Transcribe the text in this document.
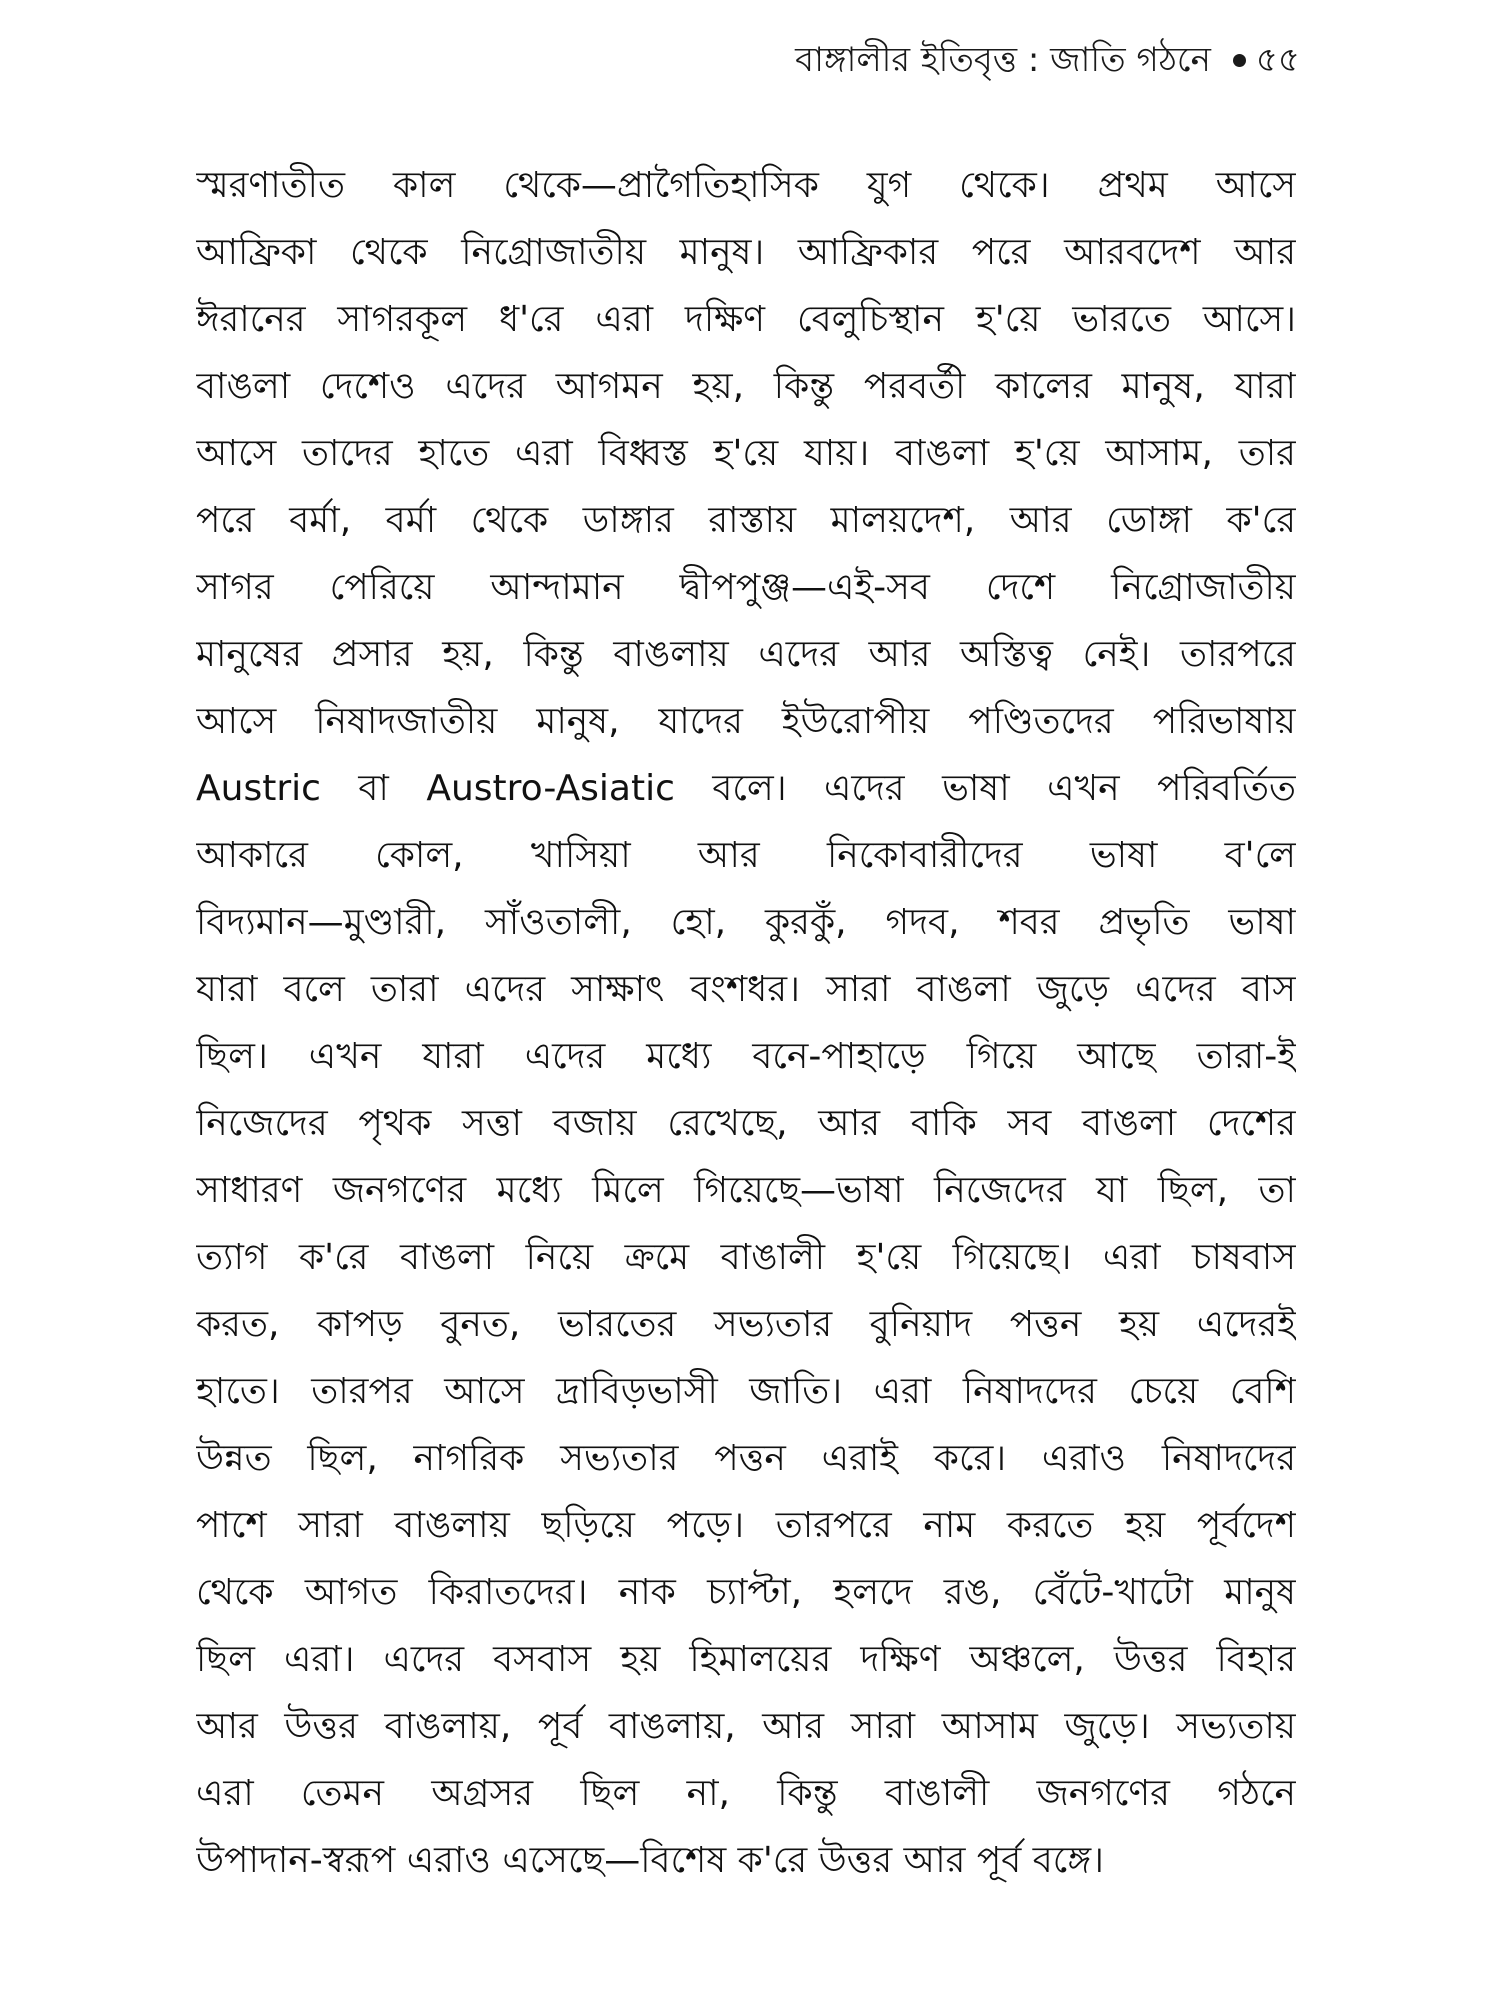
বাঙ্গালীর ইতিবৃত্ত : জাতি গঠনে ৫৫
স্মরণাতীত কাল থেকে—প্রাগৈতিহাসিক যুগ থেকে। প্রথম আসে
আফ্রিকা থেকে নিগ্রোজাতীয় মানুষ। আফ্রিকার পরে আরবদেশ আর
ঈরানের সাগরকূল ধ'রে এরা দক্ষিণ বেলুচিস্থান হ'য়ে ভারতে আসে।
বাঙলা দেশেও এদের আগমন হয়, কিন্তু পরবর্তী কালের মানুষ, যারা
আসে তাদের হাতে এরা বিধ্বস্ত হ'য়ে যায়। বাঙলা হ'য়ে আসাম, তার
পরে বর্মা, বর্মা থেকে ডাঙ্গার রাস্তায় মালয়দেশ, আর ডোঙ্গা ক'রে
সাগর পেরিয়ে আন্দামান দ্বীপপুঞ্জ—এই-সব দেশে নিগ্রোজাতীয়
মানুষের প্রসার হয়, কিন্তু বাঙলায় এদের আর অস্তিত্ব নেই। তারপরে
আসে নিষাদজাতীয় মানুষ, যাদের ইউরোপীয় পণ্ডিতদের পরিভাষায়
Austric বা Austro-Asiatic বলে। এদের ভাষা এখন পরিবর্তিত
আকারে কোল, খাসিয়া আর নিকোবারীদের ভাষা ব'লে
বিদ্যমান—মুণ্ডারী, সাঁওতালী, হো, কুরকুঁ, গদব, শবর প্রভৃতি ভাষা
যারা বলে তারা এদের সাক্ষাৎ বংশধর। সারা বাঙলা জুড়ে এদের বাস
ছিল। এখন যারা এদের মধ্যে বনে-পাহাড়ে গিয়ে আছে তারা-ই
নিজেদের পৃথক সত্তা বজায় রেখেছে, আর বাকি সব বাঙলা দেশের
সাধারণ জনগণের মধ্যে মিলে গিয়েছে—ভাষা নিজেদের যা ছিল, তা
ত্যাগ ক'রে বাঙলা নিয়ে ক্রমে বাঙালী হ'য়ে গিয়েছে। এরা চাষবাস
করত, কাপড় বুনত, ভারতের সভ্যতার বুনিয়াদ পত্তন হয় এদেরই
হাতে। তারপর আসে দ্রাবিড়ভাসী জাতি। এরা নিষাদদের চেয়ে বেশি
উন্নত ছিল, নাগরিক সভ্যতার পত্তন এরাই করে। এরাও নিষাদদের
পাশে সারা বাঙলায় ছড়িয়ে পড়ে। তারপরে নাম করতে হয় পূর্বদেশ
থেকে আগত কিরাতদের। নাক চ্যাপ্টা, হলদে রঙ, বেঁটে-খাটো মানুষ
ছিল এরা। এদের বসবাস হয় হিমালয়ের দক্ষিণ অঞ্চলে, উত্তর বিহার
আর উত্তর বাঙলায়, পূর্ব বাঙলায়, আর সারা আসাম জুড়ে। সভ্যতায়
এরা তেমন অগ্রসর ছিল না, কিন্তু বাঙালী জনগণের গঠনে
উপাদান-স্বরূপ এরাও এসেছে—বিশেষ ক'রে উত্তর আর পূর্ব বঙ্গে।
